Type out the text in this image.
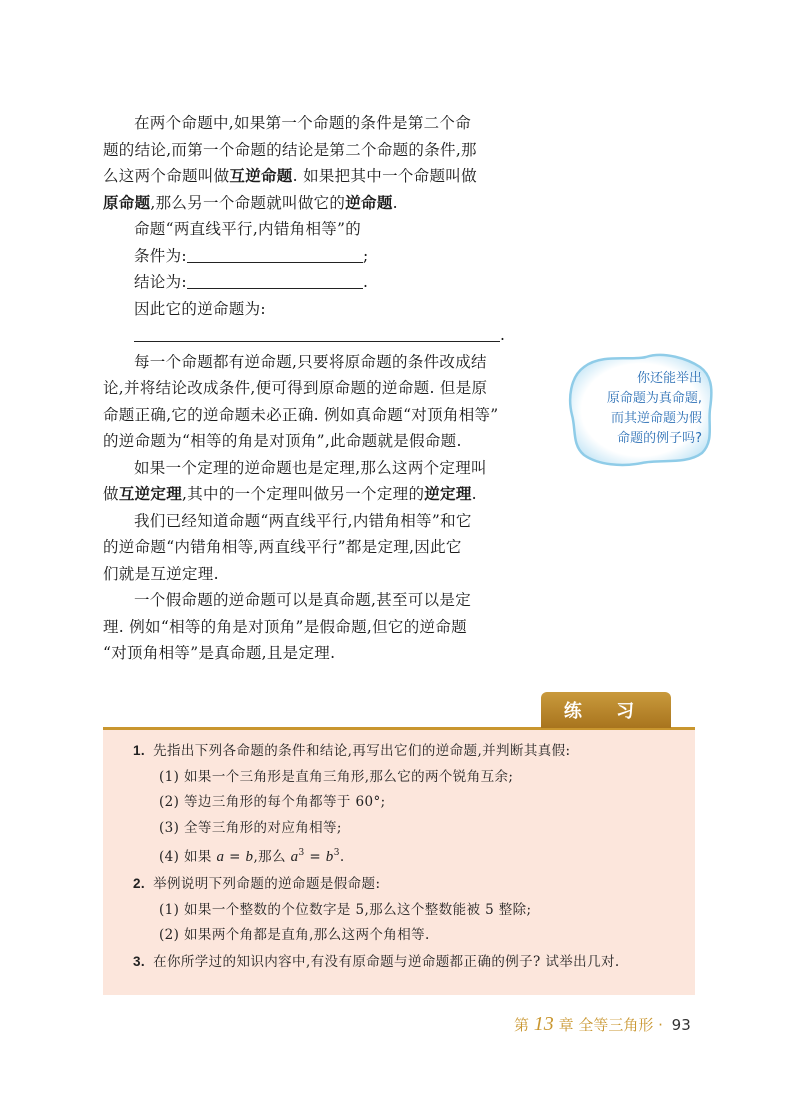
在两个命题中,如果第一个命题的条件是第二个命
题的结论,而第一个命题的结论是第二个命题的条件,那
么这两个命题叫做互逆命题. 如果把其中一个命题叫做
原命题,那么另一个命题就叫做它的逆命题.

命题“两直线平行,内错角相等”的
条件为:	;
结论为:	.
因此它的逆命题为:
.

每一个命题都有逆命题,只要将原命题的条件改成结
论,并将结论改成条件,便可得到原命题的逆命题. 但是原
命题正确,它的逆命题未必正确. 例如真命题“对顶角相等”
的逆命题为“相等的角是对顶角”,此命题就是假命题.

如果一个定理的逆命题也是定理,那么这两个定理叫
做互逆定理,其中的一个定理叫做另一个定理的逆定理.

我们已经知道命题“两直线平行,内错角相等”和它
的逆命题“内错角相等,两直线平行”都是定理,因此它
们就是互逆定理.

一个假命题的逆命题可以是真命题,甚至可以是定
理. 例如“相等的角是对顶角”是假命题,但它的逆命题
“对顶角相等”是真命题,且是定理.

你还能举出
原命题为真命题,
而其逆命题为假
命题的例子吗?
练 习
1. 先指出下列各命题的条件和结论,再写出它们的逆命题,并判断其真假:
(1) 如果一个三角形是直角三角形,那么它的两个锐角互余;
(2) 等边三角形的每个角都等于 60°;
(3) 全等三角形的对应角相等;
(4) 如果 a = b,那么 $a^3 = b^3$.
2. 举例说明下列命题的逆命题是假命题:
(1) 如果一个整数的个位数字是 5,那么这个整数能被 5 整除;
(2) 如果两个角都是直角,那么这两个角相等.
3. 在你所学过的知识内容中,有没有原命题与逆命题都正确的例子? 试举出几对.
第 13 章 全等三角形 · 93
